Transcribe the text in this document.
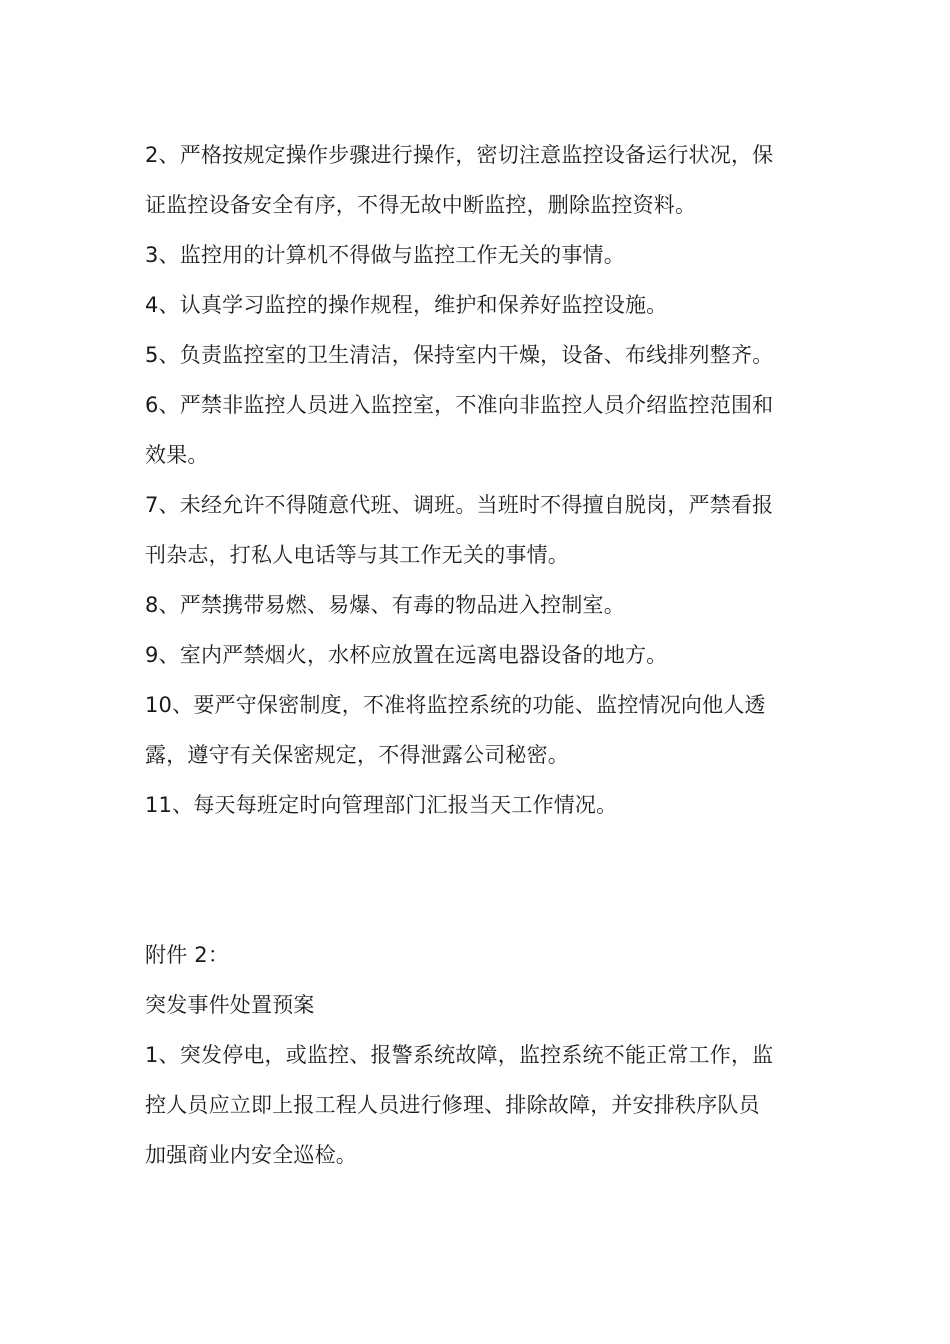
2、严格按规定操作步骤进行操作，密切注意监控设备运行状况，保
证监控设备安全有序，不得无故中断监控，删除监控资料。
3、监控用的计算机不得做与监控工作无关的事情。
4、认真学习监控的操作规程，维护和保养好监控设施。
5、负责监控室的卫生清洁，保持室内干燥，设备、布线排列整齐。
6、严禁非监控人员进入监控室，不准向非监控人员介绍监控范围和
效果。
7、未经允许不得随意代班、调班。当班时不得擅自脱岗，严禁看报
刊杂志，打私人电话等与其工作无关的事情。
8、严禁携带易燃、易爆、有毒的物品进入控制室。
9、室内严禁烟火，水杯应放置在远离电器设备的地方。
10、要严守保密制度，不准将监控系统的功能、监控情况向他人透
露，遵守有关保密规定，不得泄露公司秘密。
11、每天每班定时向管理部门汇报当天工作情况。
附件 2：
突发事件处置预案
1、突发停电，或监控、报警系统故障，监控系统不能正常工作，监
控人员应立即上报工程人员进行修理、排除故障，并安排秩序队员
加强商业内安全巡检。
